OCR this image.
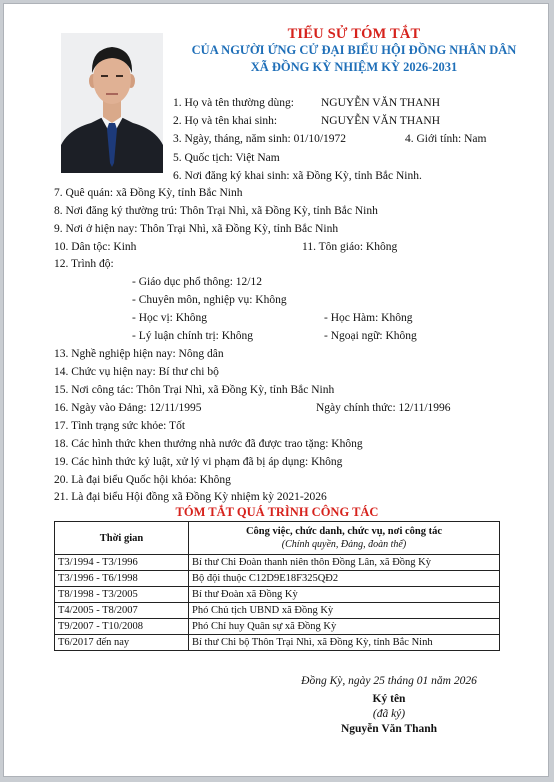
TIỂU SỬ TÓM TẮT
CỦA NGƯỜI ỨNG CỬ ĐẠI BIỂU HỘI ĐỒNG NHÂN DÂN
XÃ ĐỒNG KỲ NHIỆM KỲ 2026-2031
1. Họ và tên thường dùng: NGUYỄN VĂN THANH
2. Họ và tên khai sinh:	NGUYỄN VĂN THANH
3. Ngày, tháng, năm sinh: 01/10/1972	4. Giới tính: Nam
5. Quốc tịch: Việt Nam
6. Nơi đăng ký khai sinh: xã Đồng Kỳ, tỉnh Bắc Ninh.
7. Quê quán: xã Đồng Kỳ, tỉnh Bắc Ninh
8. Nơi đăng ký thường trú: Thôn Trại Nhì, xã Đồng Kỳ, tỉnh Bắc Ninh
9. Nơi ở hiện nay: Thôn Trại Nhì, xã Đồng Kỳ, tỉnh Bắc Ninh
10. Dân tộc: Kinh	11. Tôn giáo: Không
12. Trình độ:
- Giáo dục phổ thông: 12/12
- Chuyên môn, nghiệp vụ: Không
- Học vị: Không	- Học Hàm: Không
- Lý luận chính trị: Không	- Ngoại ngữ: Không
13. Nghề nghiệp hiện nay: Nông dân
14. Chức vụ hiện nay: Bí thư chi bộ
15. Nơi công tác: Thôn Trại Nhì, xã Đồng Kỳ, tỉnh Bắc Ninh
16. Ngày vào Đảng: 12/11/1995	Ngày chính thức: 12/11/1996
17. Tình trạng sức khỏe: Tốt
18. Các hình thức khen thưởng nhà nước đã được trao tặng: Không
19. Các hình thức kỷ luật, xử lý vi phạm đã bị áp dụng: Không
20. Là đại biểu Quốc hội khóa: Không
21. Là đại biểu Hội đồng xã Đồng Kỳ nhiệm kỳ 2021-2026
TÓM TẮT QUÁ TRÌNH CÔNG TÁC
Thời gian	Công việc, chức danh, chức vụ, nơi công tác
(Chính quyền, Đảng, đoàn thể)

T3/1994 - T3/1996	Bí thư Chi Đoàn thanh niên thôn Đồng Lân, xã Đồng Kỳ
T3/1996 - T6/1998	Bộ đội thuộc C12D9E18F325QĐ2
T8/1998 - T3/2005	Bí thư Đoàn xã Đồng Kỳ
T4/2005 - T8/2007	Phó Chủ tịch UBND xã Đồng Kỳ
T9/2007 - T10/2008	Phó Chỉ huy Quân sự xã Đồng Kỳ
T6/2017 đến nay	Bí thư Chi bộ Thôn Trại Nhì, xã Đồng Kỳ, tỉnh Bắc Ninh
Đồng Kỳ, ngày 25 tháng 01 năm 2026
Ký tên
(đã ký)
Nguyễn Văn Thanh
